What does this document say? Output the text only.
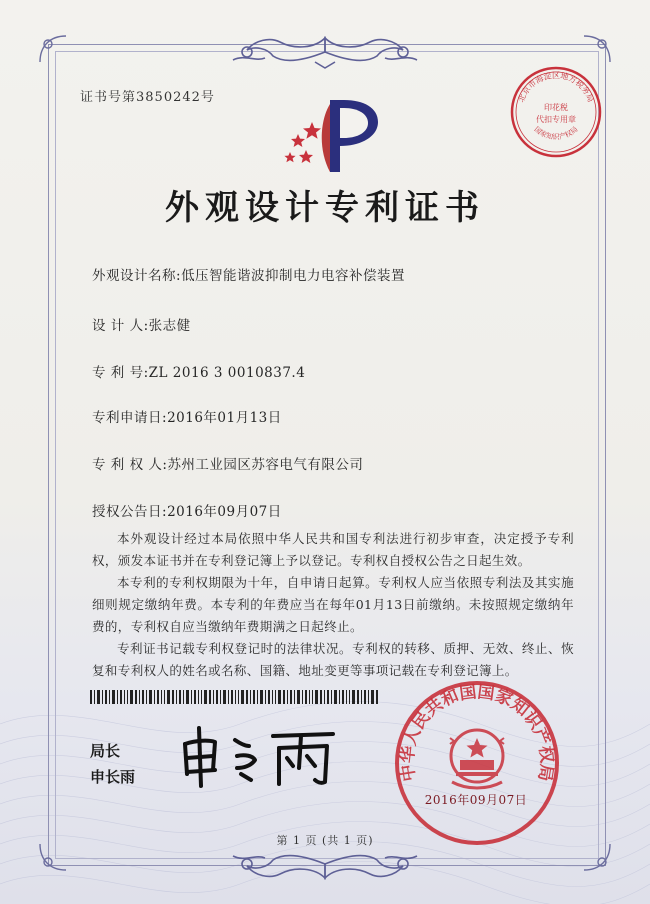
证书号第3850242号	北京市海淀区地方税务局
印花税
代扣专用章
国家知识产权局
外观设计专利证书
外观设计名称:低压智能谐波抑制电力电容补偿装置
设 计 人:张志健
专 利 号:ZL 2016 3 0010837.4
专利申请日:2016年01月13日
专 利 权 人:苏州工业园区苏容电气有限公司
授权公告日:2016年09月07日

本外观设计经过本局依照中华人民共和国专利法进行初步审查，决定授予专利权，颁发本证书并在专利登记簿上予以登记。专利权自授权公告之日起生效。

本专利的专利权期限为十年，自申请日起算。专利权人应当依照专利法及其实施细则规定缴纳年费。本专利的年费应当在每年01月13日前缴纳。未按照规定缴纳年费的，专利权自应当缴纳年费期满之日起终止。

专利证书记载专利权登记时的法律状况。专利权的转移、质押、无效、终止、恢复和专利权人的姓名或名称、国籍、地址变更等事项记载在专利登记簿上。

局长
申长雨	中华人民共和国国家知识产权局
2016年09月07日
第 1 页 (共 1 页)
